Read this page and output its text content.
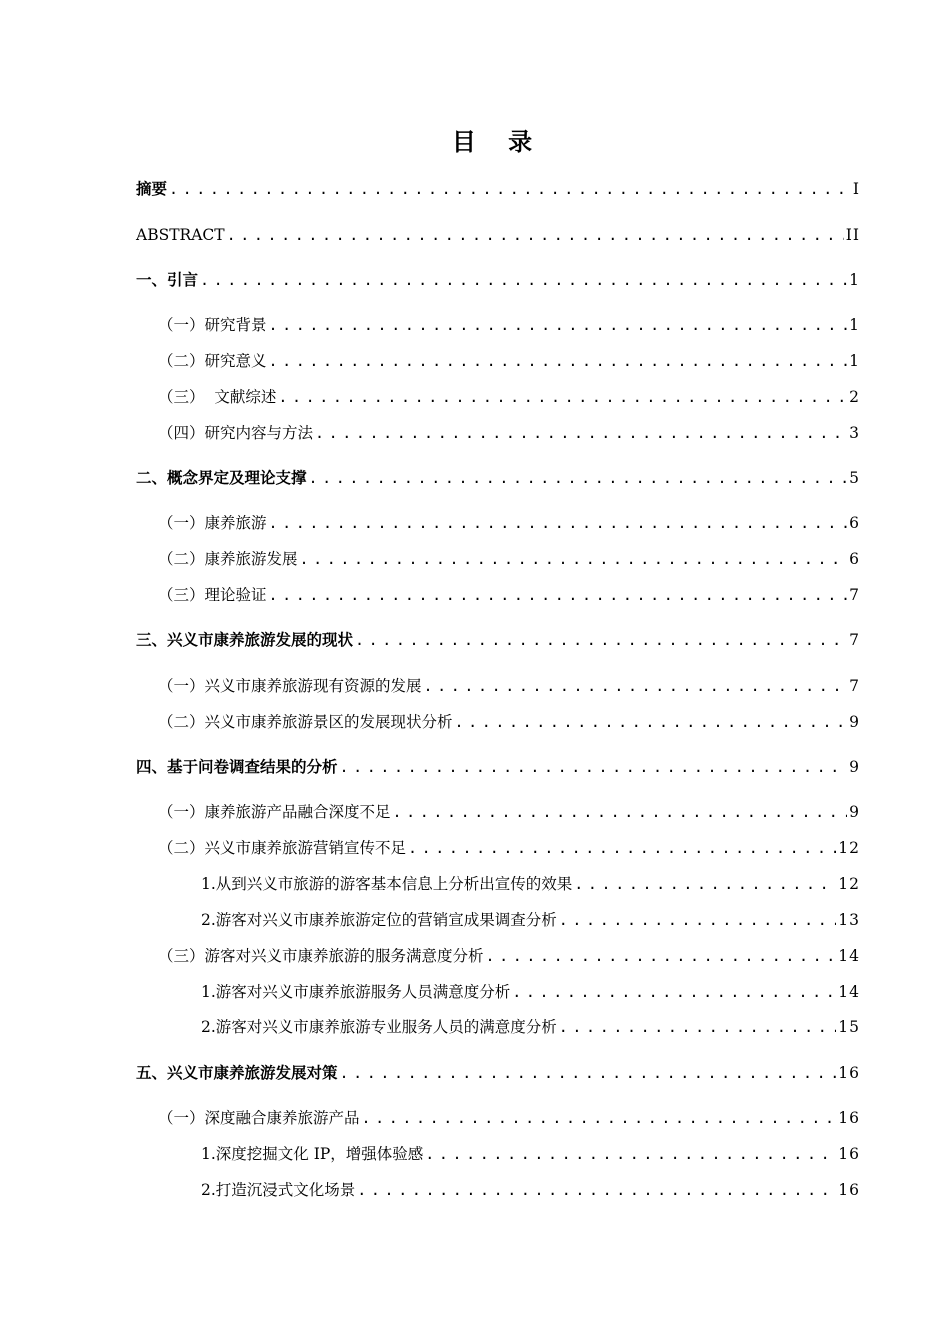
目 录
摘要 .....	I
ABSTRACT .....	II
一、引言 .....	1
（一）研究背景 .....	1
（二）研究意义 .....	1
（三）  文献综述 .....	2
（四）研究内容与方法 .....	3
二、概念界定及理论支撑 .....	5
（一）康养旅游 .....	6
（二）康养旅游发展 .....	6
（三）理论验证 .....	7
三、兴义市康养旅游发展的现状 .....	7
（一）兴义市康养旅游现有资源的发展 .....	7
（二）兴义市康养旅游景区的发展现状分析 .....	9
四、基于问卷调查结果的分析 .....	9
（一）康养旅游产品融合深度不足 .....	9
（二）兴义市康养旅游营销宣传不足 .....	12
1.从到兴义市旅游的游客基本信息上分析出宣传的效果 .....	12
2.游客对兴义市康养旅游定位的营销宣成果调查分析 .....	13
（三）游客对兴义市康养旅游的服务满意度分析 .....	14
1.游客对兴义市康养旅游服务人员满意度分析 .....	14
2.游客对兴义市康养旅游专业服务人员的满意度分析 .....	15
五、兴义市康养旅游发展对策 .....	16
（一）深度融合康养旅游产品 .....	16
1.深度挖掘文化 IP，增强体验感 .....	16
2.打造沉浸式文化场景 .....	16
